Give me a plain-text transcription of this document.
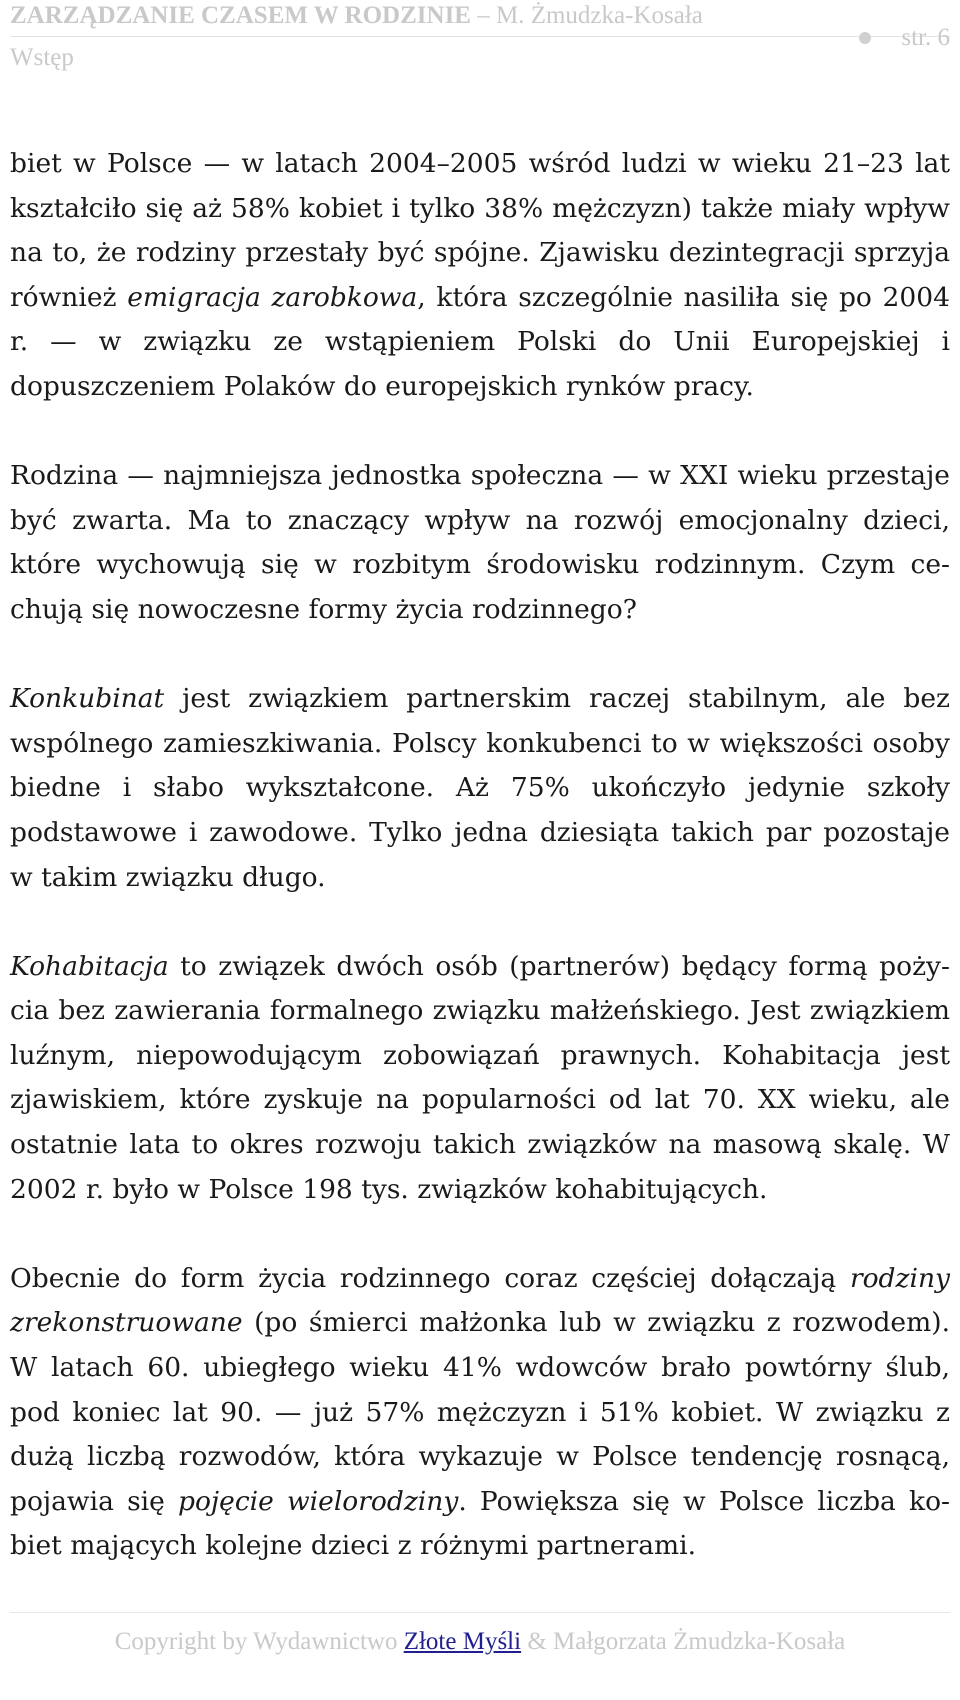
ZARZĄDZANIE CZASEM W RODZINIE – M. Żmudzka-Kosała
Wstęp
str. 6

biet w Polsce — w latach 2004–2005 wśród ludzi w wieku 21–23 lat kształciło się aż 58% kobiet i tylko 38% mężczyzn) także miały wpływ na to, że rodziny przestały być spójne. Zjawisku dezintegracji sprzyja również emigracja zarobkowa, która szczególnie nasiliła się po 2004 r. — w związku ze wstąpieniem Polski do Unii Europejskiej i dopuszczeniem Polaków do europejskich rynków pracy.

Rodzina — najmniejsza jednostka społeczna — w XXI wieku przestaje być zwarta. Ma to znaczący wpływ na rozwój emocjonalny dzieci, które wychowują się w rozbitym środowisku rodzinnym. Czym cechują się nowoczesne formy życia rodzinnego?

Konkubinat jest związkiem partnerskim raczej stabilnym, ale bez wspólnego zamieszkiwania. Polscy konkubenci to w większości osoby biedne i słabo wykształcone. Aż 75% ukończyło jedynie szkoły podstawowe i zawodowe. Tylko jedna dziesiąta takich par pozostaje w takim związku długo.

Kohabitacja to związek dwóch osób (partnerów) będący formą pożycia bez zawierania formalnego związku małżeńskiego. Jest związkiem luźnym, niepowodującym zobowiązań prawnych. Kohabitacja jest zjawiskiem, które zyskuje na popularności od lat 70. XX wieku, ale ostatnie lata to okres rozwoju takich związków na masową skalę. W 2002 r. było w Polsce 198 tys. związków kohabitujących.

Obecnie do form życia rodzinnego coraz częściej dołączają rodziny zrekonstruowane (po śmierci małżonka lub w związku z rozwodem). W latach 60. ubiegłego wieku 41% wdowców brało powtórny ślub, pod koniec lat 90. — już 57% mężczyzn i 51% kobiet. W związku z dużą liczbą rozwodów, która wykazuje w Polsce tendencję rosnącą, pojawia się pojęcie wielorodziny. Powiększa się w Polsce liczba kobiet mających kolejne dzieci z różnymi partnerami.

Copyright by Wydawnictwo Złote Myśli & Małgorzata Żmudzka-Kosała
